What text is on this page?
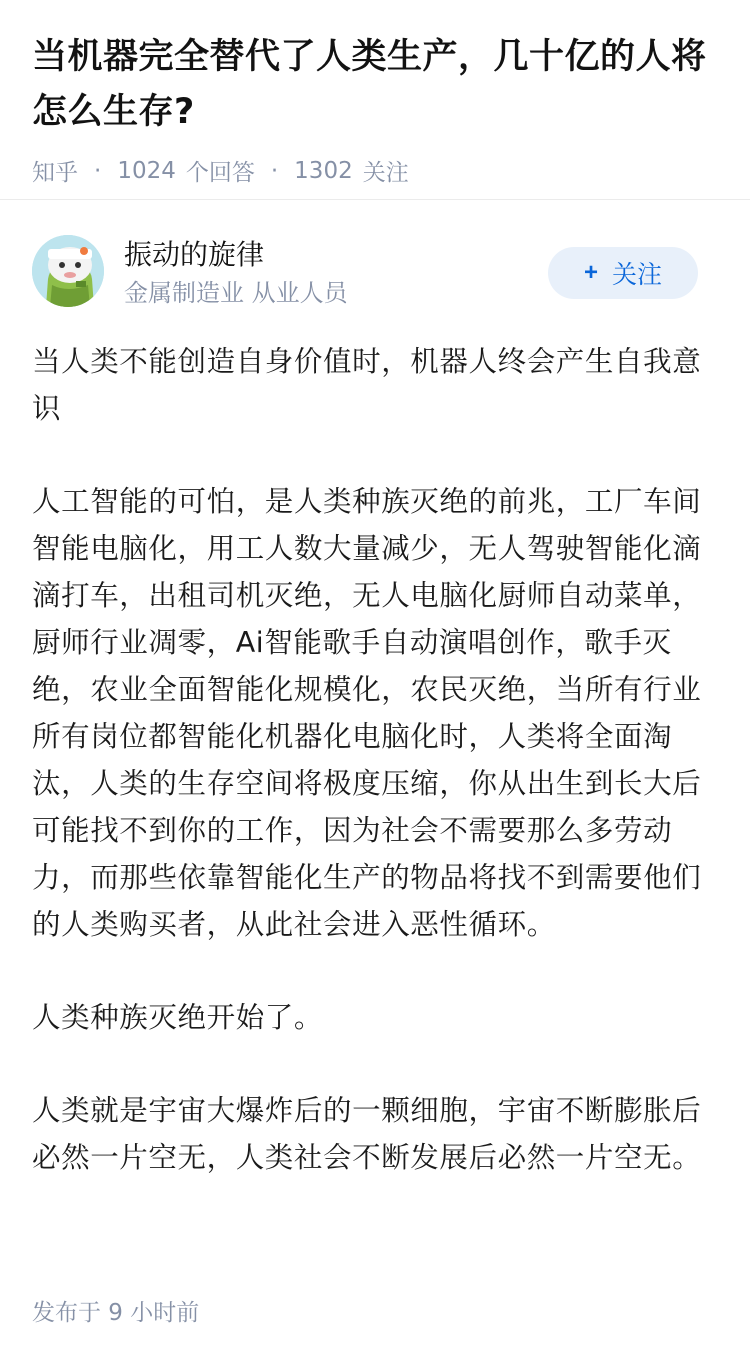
当机器完全替代了人类生产，几十亿的人将怎么生存?
知乎 · 1024 个回答 · 1302 关注
振动的旋律
金属制造业 从业人员
+ 关注

当人类不能创造自身价值时，机器人终会产生自我意识

人工智能的可怕，是人类种族灭绝的前兆，工厂车间智能电脑化，用工人数大量减少，无人驾驶智能化滴滴打车，出租司机灭绝，无人电脑化厨师自动菜单，厨师行业凋零，Ai智能歌手自动演唱创作，歌手灭绝，农业全面智能化规模化，农民灭绝，当所有行业所有岗位都智能化机器化电脑化时，人类将全面淘汰，人类的生存空间将极度压缩，你从出生到长大后可能找不到你的工作，因为社会不需要那么多劳动力，而那些依靠智能化生产的物品将找不到需要他们的人类购买者，从此社会进入恶性循环。

人类种族灭绝开始了。

人类就是宇宙大爆炸后的一颗细胞，宇宙不断膨胀后必然一片空无，人类社会不断发展后必然一片空无。

发布于 9 小时前
